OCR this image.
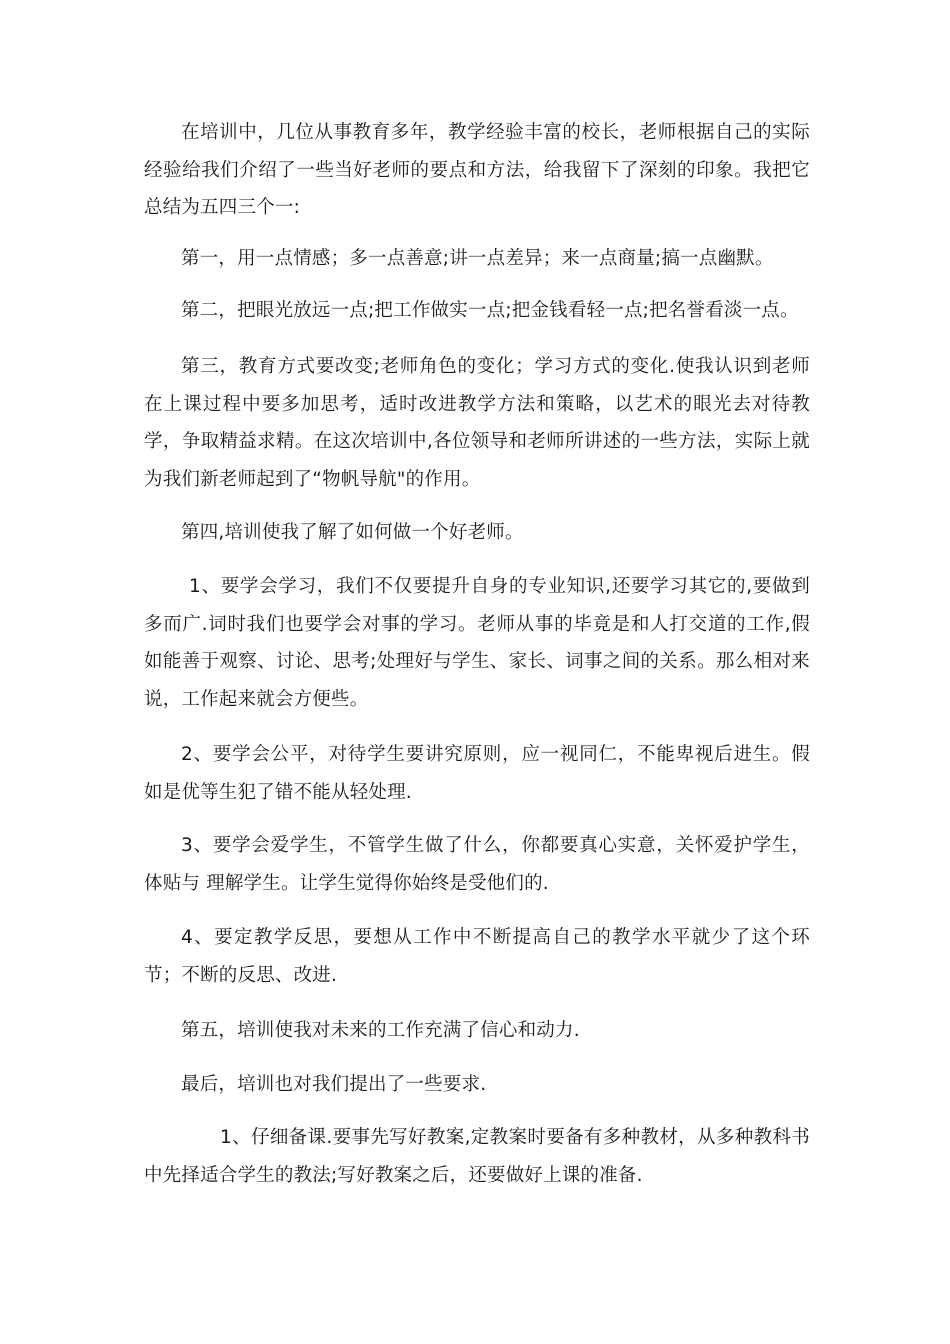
在培训中，几位从事教育多年，教学经验丰富的校长，老师根据自己的实际经验给我们介绍了一些当好老师的要点和方法，给我留下了深刻的印象。我把它总结为五四三个一:

第一，用一点情感；多一点善意;讲一点差异；来一点商量;搞一点幽默。

第二，把眼光放远一点;把工作做实一点;把金钱看轻一点;把名誉看淡一点。

第三，教育方式要改变;老师角色的变化；学习方式的变化.使我认识到老师在上课过程中要多加思考，适时改进教学方法和策略，以艺术的眼光去对待教学，争取精益求精。在这次培训中,各位领导和老师所讲述的一些方法，实际上就为我们新老师起到了“物帆导航"的作用。

第四,培训使我了解了如何做一个好老师。

1、要学会学习，我们不仅要提升自身的专业知识,还要学习其它的,要做到多而广.词时我们也要学会对事的学习。老师从事的毕竟是和人打交道的工作,假如能善于观察、讨论、思考;处理好与学生、家长、词事之间的关系。那么相对来说，工作起来就会方便些。

2、要学会公平，对待学生要讲究原则，应一视同仁，不能卑视后进生。假如是优等生犯了错不能从轻处理.

3、要学会爱学生，不管学生做了什么，你都要真心实意，关怀爱护学生，体贴与 理解学生。让学生觉得你始终是受他们的.

4、要定教学反思，要想从工作中不断提高自己的教学水平就少了这个环节；不断的反思、改进.

第五，培训使我对未来的工作充满了信心和动力.

最后，培训也对我们提出了一些要求.

1、仔细备课.要事先写好教案,定教案时要备有多种教材，从多种教科书中先择适合学生的教法;写好教案之后，还要做好上课的准备.
